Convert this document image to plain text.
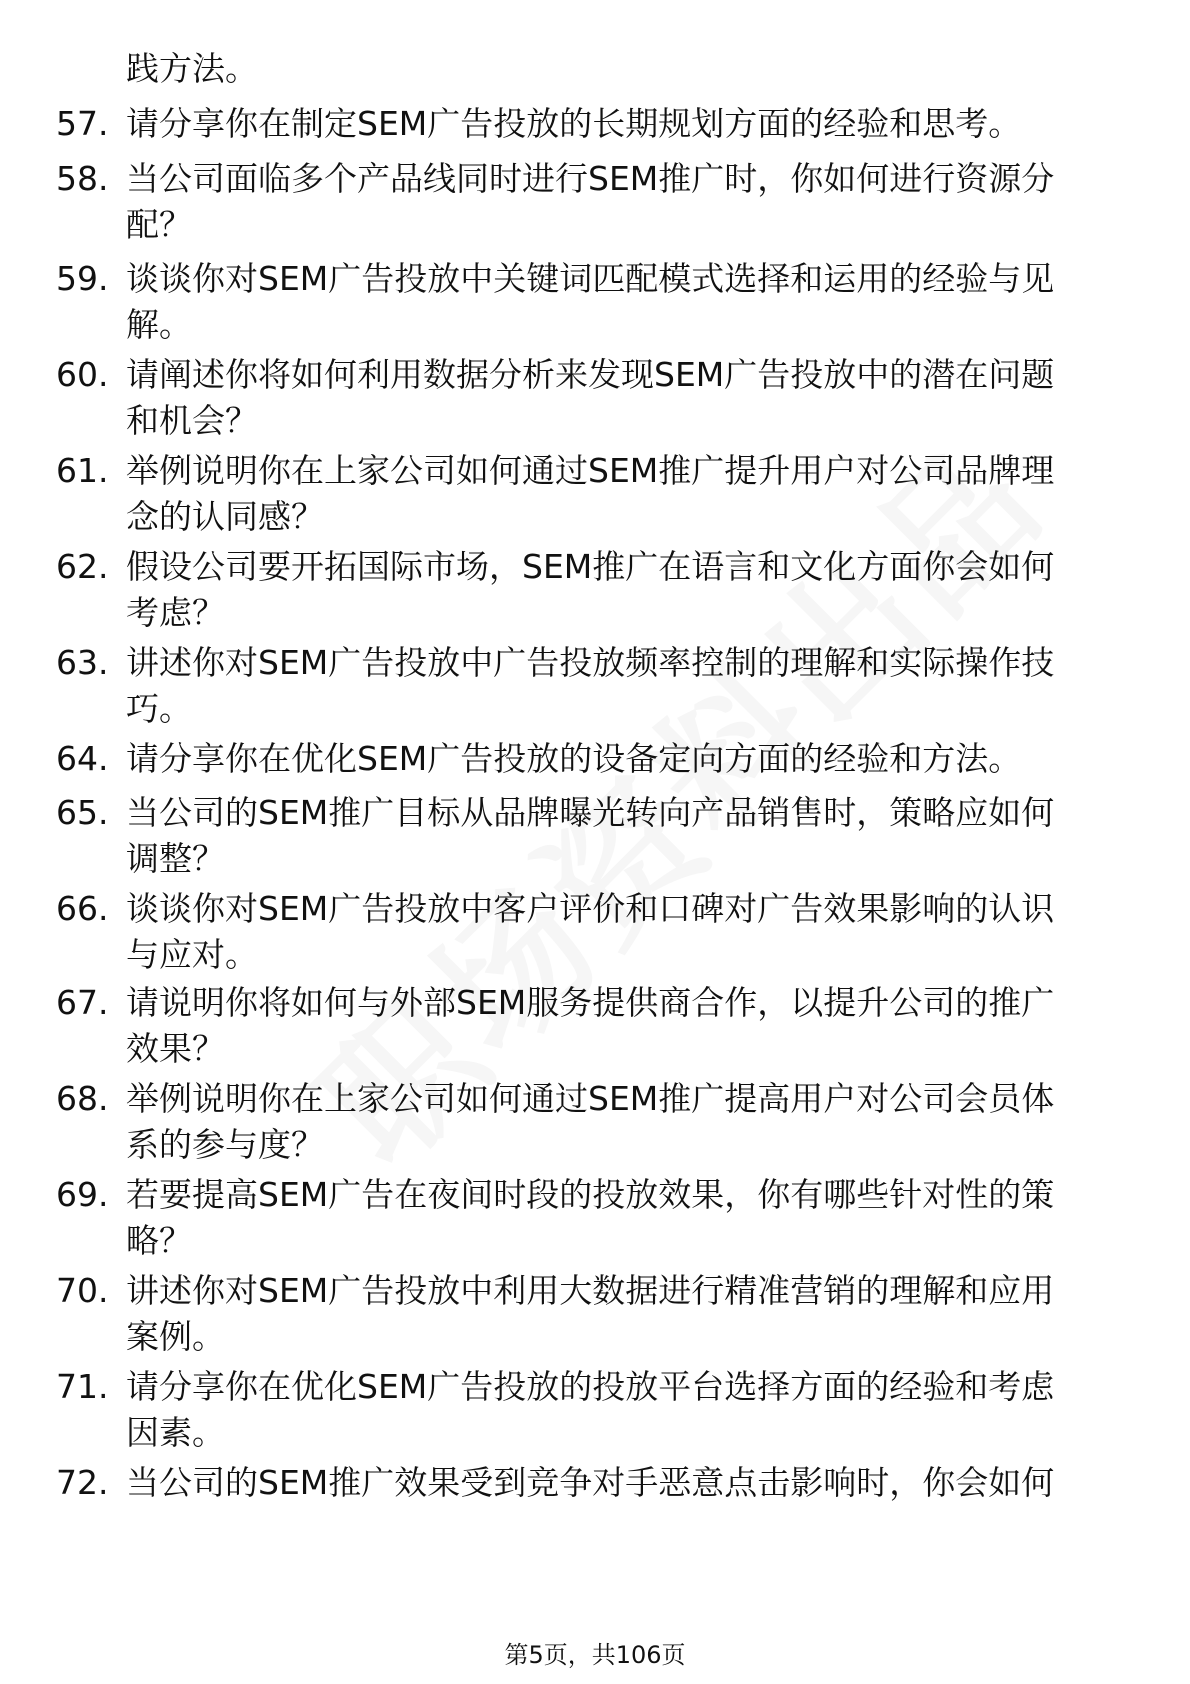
践方法。
57. 请分享你在制定SEM广告投放的长期规划方面的经验和思考。
58. 当公司面临多个产品线同时进行SEM推广时，你如何进行资源分
配？
59. 谈谈你对SEM广告投放中关键词匹配模式选择和运用的经验与见
解。
60. 请阐述你将如何利用数据分析来发现SEM广告投放中的潜在问题
和机会？
61. 举例说明你在上家公司如何通过SEM推广提升用户对公司品牌理
念的认同感？
62. 假设公司要开拓国际市场，SEM推广在语言和文化方面你会如何
考虑？
63. 讲述你对SEM广告投放中广告投放频率控制的理解和实际操作技
巧。
64. 请分享你在优化SEM广告投放的设备定向方面的经验和方法。
65. 当公司的SEM推广目标从品牌曝光转向产品销售时，策略应如何
调整？
66. 谈谈你对SEM广告投放中客户评价和口碑对广告效果影响的认识
与应对。
67. 请说明你将如何与外部SEM服务提供商合作，以提升公司的推广
效果？
68. 举例说明你在上家公司如何通过SEM推广提高用户对公司会员体
系的参与度？
69. 若要提高SEM广告在夜间时段的投放效果，你有哪些针对性的策
略？
70. 讲述你对SEM广告投放中利用大数据进行精准营销的理解和应用
案例。
71. 请分享你在优化SEM广告投放的投放平台选择方面的经验和考虑
因素。
72. 当公司的SEM推广效果受到竞争对手恶意点击影响时，你会如何
第5页，共106页
